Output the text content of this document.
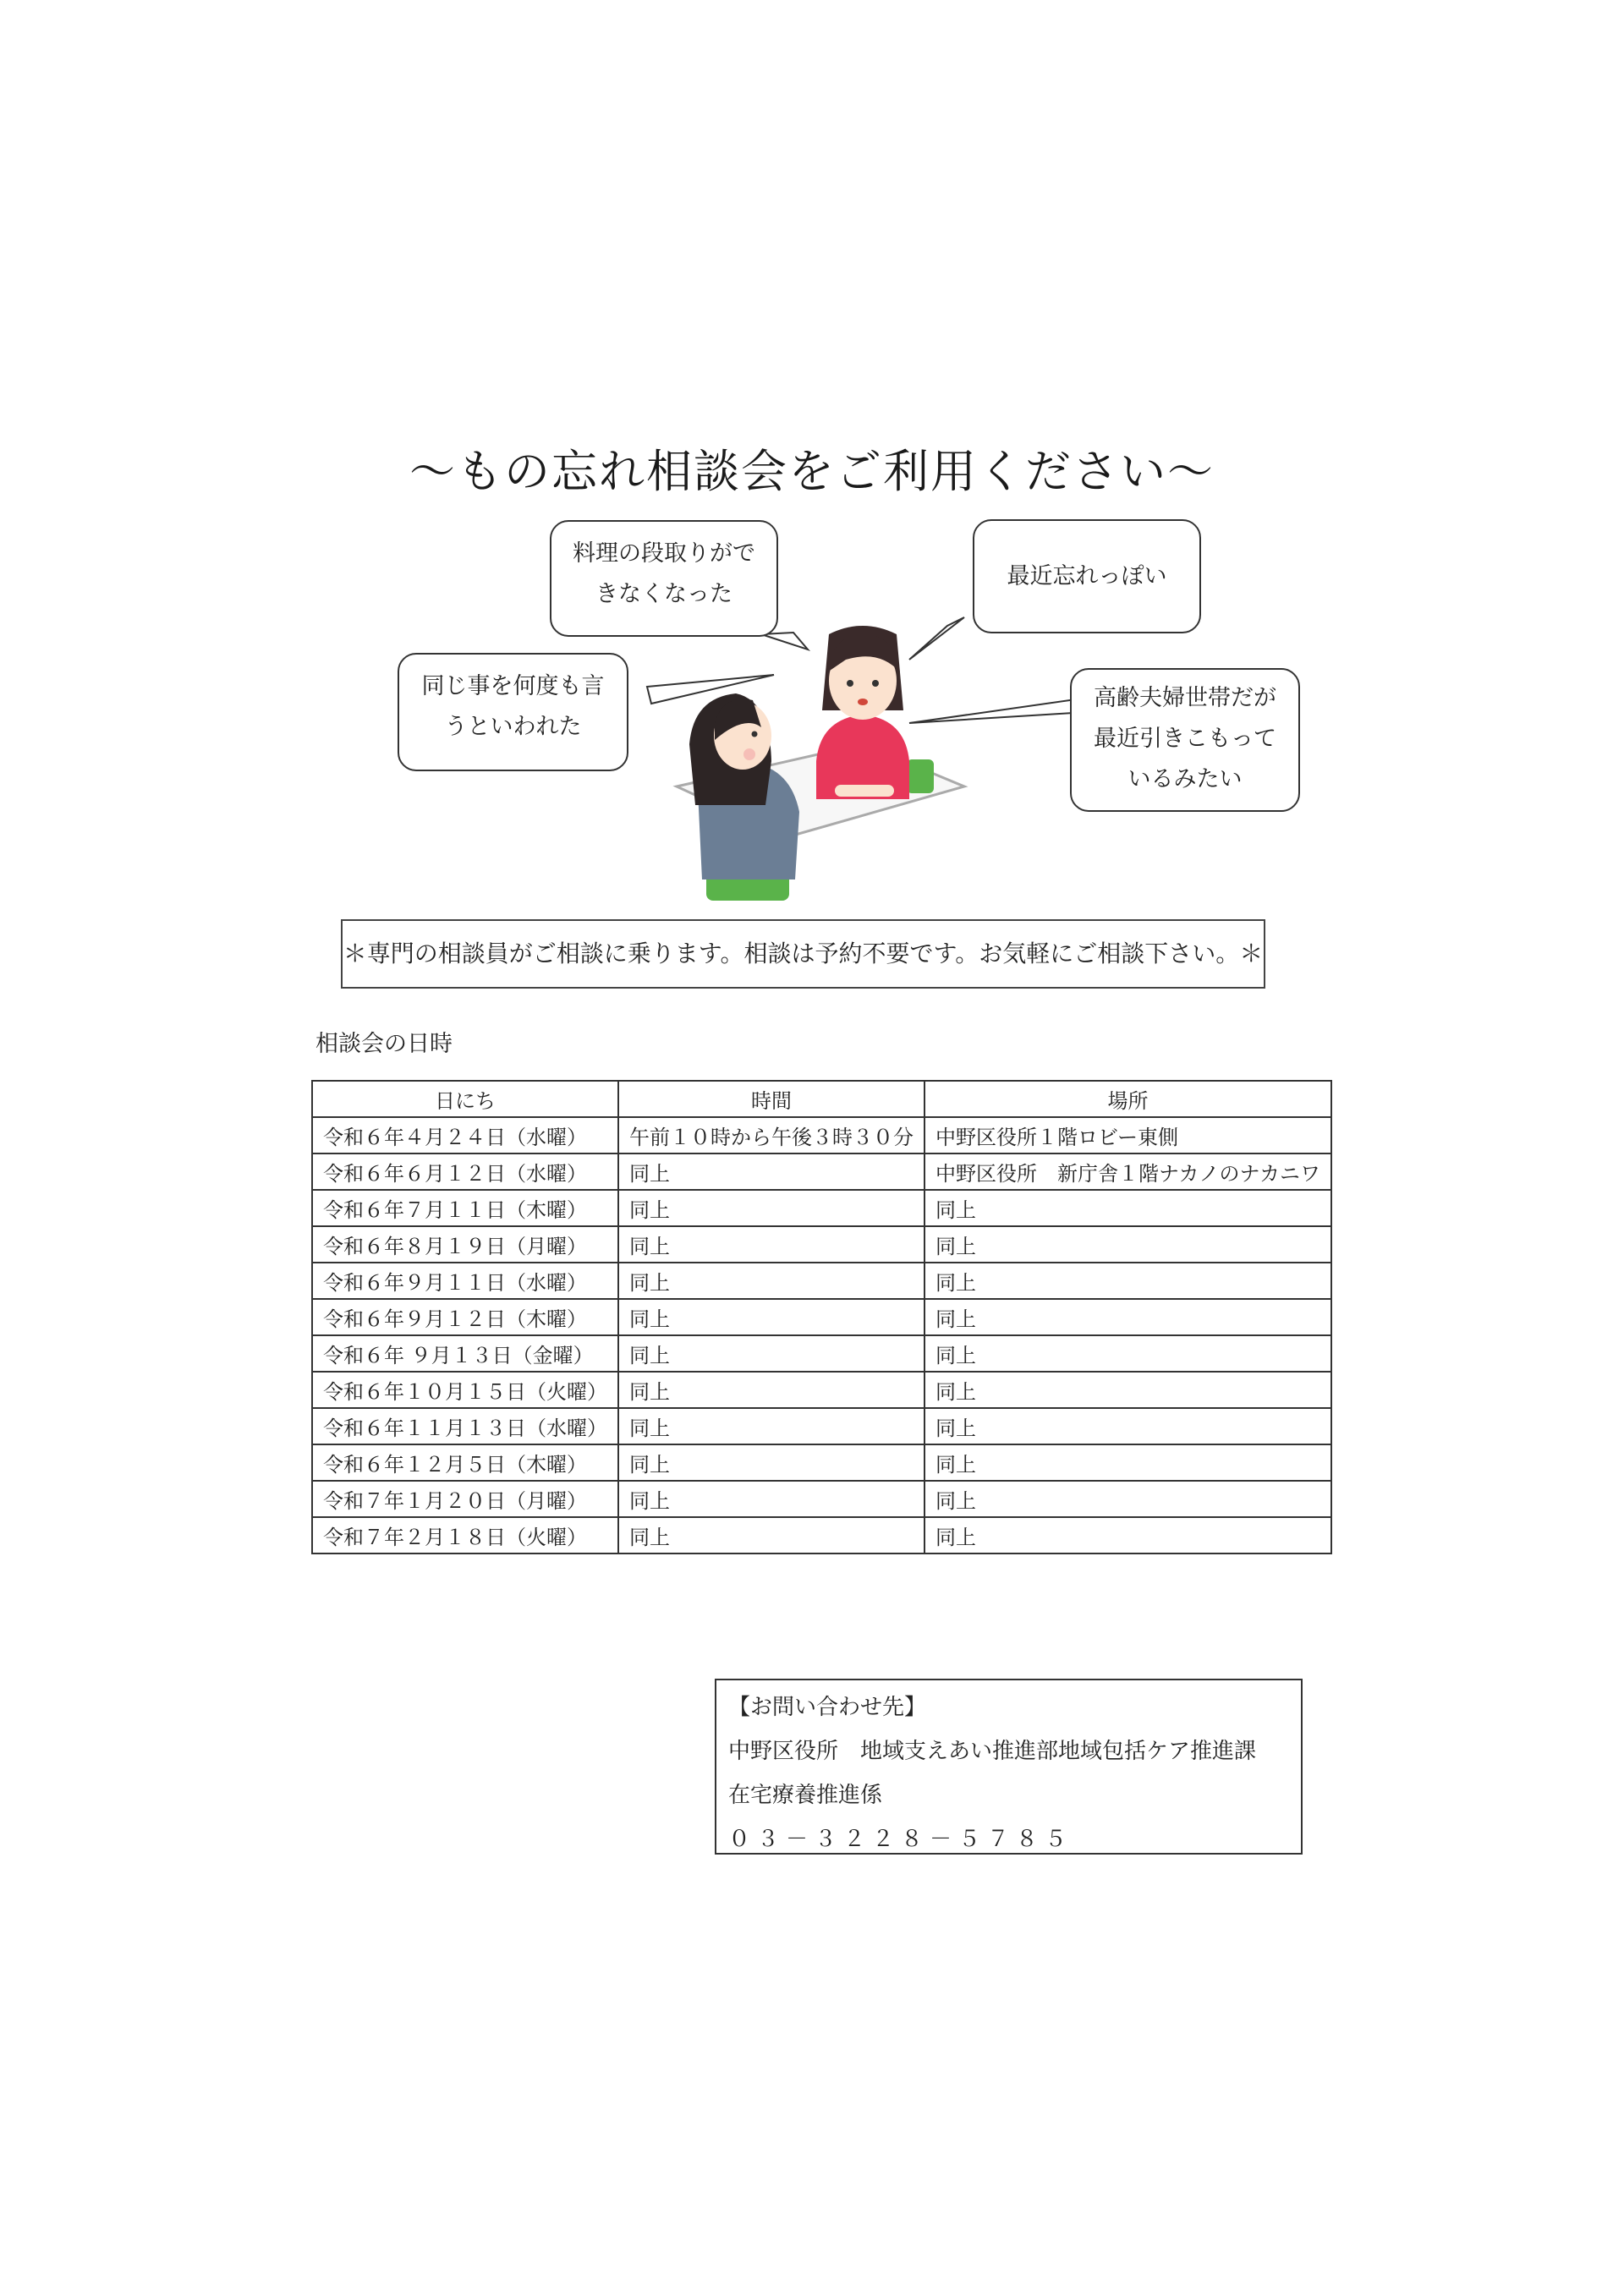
～もの忘れ相談会をご利用ください～
料理の段取りがで
きなくなった
最近忘れっぽい
同じ事を何度も言
うといわれた
高齢夫婦世帯だが
最近引きこもって
いるみたい
＊専門の相談員がご相談に乗ります。相談は予約不要です。お気軽にご相談下さい。＊
相談会の日時
日にち	時間	場所
令和６年４月２４日（水曜）	午前１０時から午後３時３０分	中野区役所１階ロビー東側
令和６年６月１２日（水曜）	同上	中野区役所　新庁舎１階ナカノのナカニワ
令和６年７月１１日（木曜）	同上	同上
令和６年８月１９日（月曜）	同上	同上
令和６年９月１１日（水曜）	同上	同上
令和６年９月１２日（木曜）	同上	同上
令和６年 ９月１３日（金曜）	同上	同上
令和６年１０月１５日（火曜）	同上	同上
令和６年１１月１３日（水曜）	同上	同上
令和６年１２月５日（木曜）	同上	同上
令和７年１月２０日（月曜）	同上	同上
令和７年２月１８日（火曜）	同上	同上
【お問い合わせ先】
中野区役所　地域支えあい推進部地域包括ケア推進課
在宅療養推進係
０３－３２２８－５７８５
